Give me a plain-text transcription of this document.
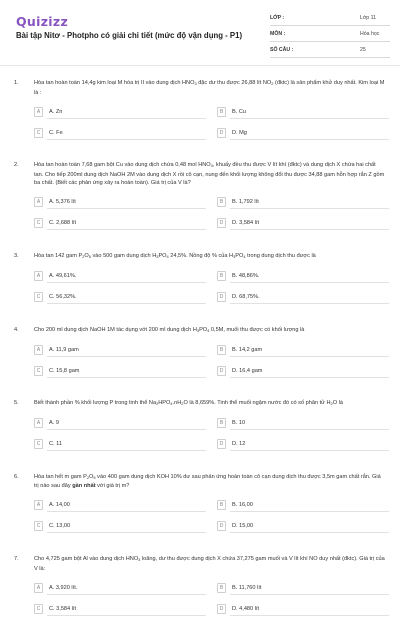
Quizizz
Bài tập Nitơ - Photpho có giải chi tiết (mức độ vận dụng - P1)
LỚP :	Lớp 11
MÔN :	Hóa học
SỐ CÂU :	25
1.	Hòa tan hoàn toàn 14,4g kim loại M hóa trị II vào dung dịch $HNO_3$ đặc dư thu được 26,88 lít $NO_2$ (đktc) là sản phẩm khử duy nhất. Kim loại M là :
A	A. Zn	B	B. Cu
C	C. Fe	D	D. Mg
2.	Hòa tan hoàn toàn 7,68 gam bột Cu vào dung dịch chứa 0,48 mol $HNO_3$, khuấy đều thu được V lít khí (đktc) và dung dịch X chứa hai chất tan. Cho tiếp 200ml dung dịch NaOH 2M vào dung dịch X rồi cô cạn, nung đến khối lượng không đổi thu được 34,88 gam hỗn hợp rắn Z gồm ba chất. (Biết các phản ứng xảy ra hoàn toàn). Giá trị của V là?
A	A. 5,376 lít	B	B. 1,792 lít
C	C. 2,688 lít	D	D. 3,584 lít
3.	Hòa tan 142 gam $P_2O_5$ vào 500 gam dung dịch $H_3PO_4$ 24,5%. Nồng độ % của $H_3PO_4$ trong dung dịch thu được là
A	A. 49,61%.	B	B. 48,86%.
C	C. 56,32%.	D	D. 68,75%.
4.	Cho 200 ml dung dịch NaOH 1M tác dụng với 200 ml dung dịch $H_3PO_4$ 0,5M, muối thu được có khối lượng là
A	A. 11,9 gam	B	B. 14,2 gam
C	C. 15,8 gam	D	D. 16,4 gam
5.	Biết thành phần % khối lượng P trong tinh thể $Na_2HPO_4.nH_2O$ là 8,659%. Tinh thể muối ngậm nước đó có số phân tử $H_2O$ là
A	A. 9	B	B. 10
C	C. 11	D	D. 12
6.	Hòa tan hết m gam $P_2O_5$ vào 400 gam dung dịch KOH 10% dư sau phản ứng hoàn toàn cô cạn dung dịch thu được 3,5m gam chất rắn. Giá trị nào sau đây gần nhất với giá trị m?
A	A. 14,00	B	B. 16,00
C	C. 13,00	D	D. 15,00
7.	Cho 4,725 gam bột Al vào dung dịch $HNO_3$ loãng, dư thu được dung dịch X chứa 37,275 gam muối và V lít khí NO duy nhất (đktc). Giá trị của V là:
A	A. 3,920 lít.	B	B. 11,760 lít
C	C. 3,584 lít	D	D. 4,480 lít
